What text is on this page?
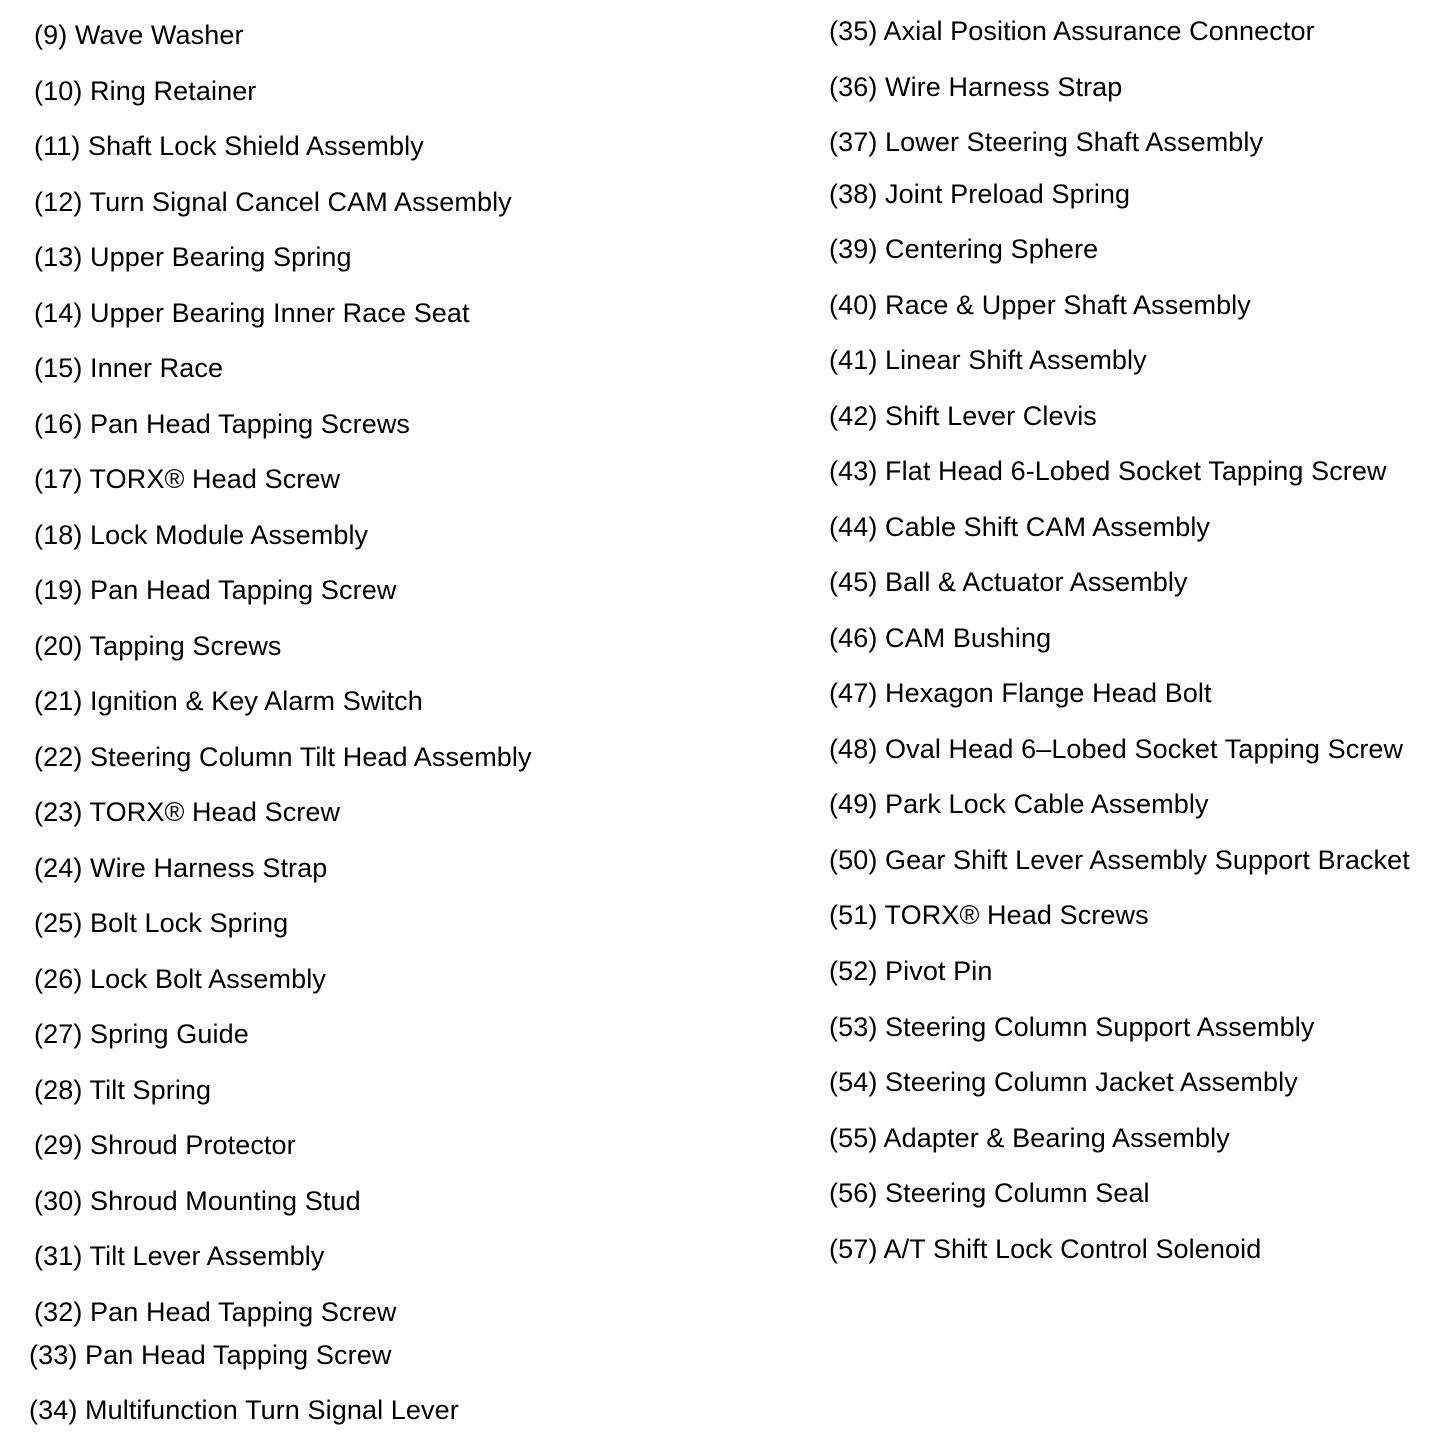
(9) Wave Washer
(10) Ring Retainer
(11) Shaft Lock Shield Assembly
(12) Turn Signal Cancel CAM Assembly
(13) Upper Bearing Spring
(14) Upper Bearing Inner Race Seat
(15) Inner Race
(16) Pan Head Tapping Screws
(17) TORX® Head Screw
(18) Lock Module Assembly
(19) Pan Head Tapping Screw
(20) Tapping Screws
(21) Ignition & Key Alarm Switch
(22) Steering Column Tilt Head Assembly
(23) TORX® Head Screw
(24) Wire Harness Strap
(25) Bolt Lock Spring
(26) Lock Bolt Assembly
(27) Spring Guide
(28) Tilt Spring
(29) Shroud Protector
(30) Shroud Mounting Stud
(31) Tilt Lever Assembly
(32) Pan Head Tapping Screw
(33) Pan Head Tapping Screw
(34) Multifunction Turn Signal Lever
(35) Axial Position Assurance Connector
(36) Wire Harness Strap
(37) Lower Steering Shaft Assembly
(38) Joint Preload Spring
(39) Centering Sphere
(40) Race & Upper Shaft Assembly
(41) Linear Shift Assembly
(42) Shift Lever Clevis
(43) Flat Head 6-Lobed Socket Tapping Screw
(44) Cable Shift CAM Assembly
(45) Ball & Actuator Assembly
(46) CAM Bushing
(47) Hexagon Flange Head Bolt
(48) Oval Head 6–Lobed Socket Tapping Screw
(49) Park Lock Cable Assembly
(50) Gear Shift Lever Assembly Support Bracket
(51) TORX® Head Screws
(52) Pivot Pin
(53) Steering Column Support Assembly
(54) Steering Column Jacket Assembly
(55) Adapter & Bearing Assembly
(56) Steering Column Seal
(57) A/T Shift Lock Control Solenoid
